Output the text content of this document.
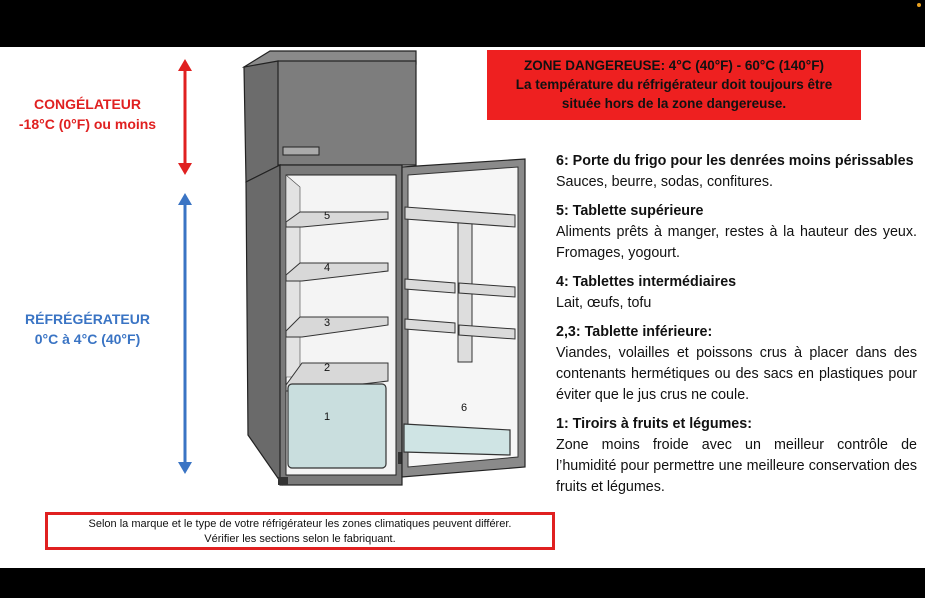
5
4
3
2
1
6
CONGÉLATEUR
-18°C (0°F) ou moins
RÉFRÉGÉRATEUR
0°C à 4°C (40°F)
ZONE DANGEREUSE: 4°C (40°F) - 60°C (140°F)
La température du réfrigérateur doit toujours être
située hors de la zone dangereuse.
6: Porte du frigo pour les denrées moins périssables
Sauces, beurre, sodas, confitures.
5: Tablette supérieure
Aliments prêts à manger, restes à la hauteur des yeux. Fromages, yogourt.
4: Tablettes intermédiaires
Lait, œufs, tofu
2,3: Tablette inférieure:
Viandes, volailles et poissons crus à placer dans des contenants hermétiques ou des sacs en plastiques pour éviter que le jus crus ne coule.
1: Tiroirs à fruits et légumes:
Zone moins froide avec un meilleur contrôle de l’humidité pour permettre une meilleure conservation des fruits et légumes.
Selon la marque et le type de votre réfrigérateur les zones climatiques peuvent différer.
Vérifier les sections selon le fabriquant.
